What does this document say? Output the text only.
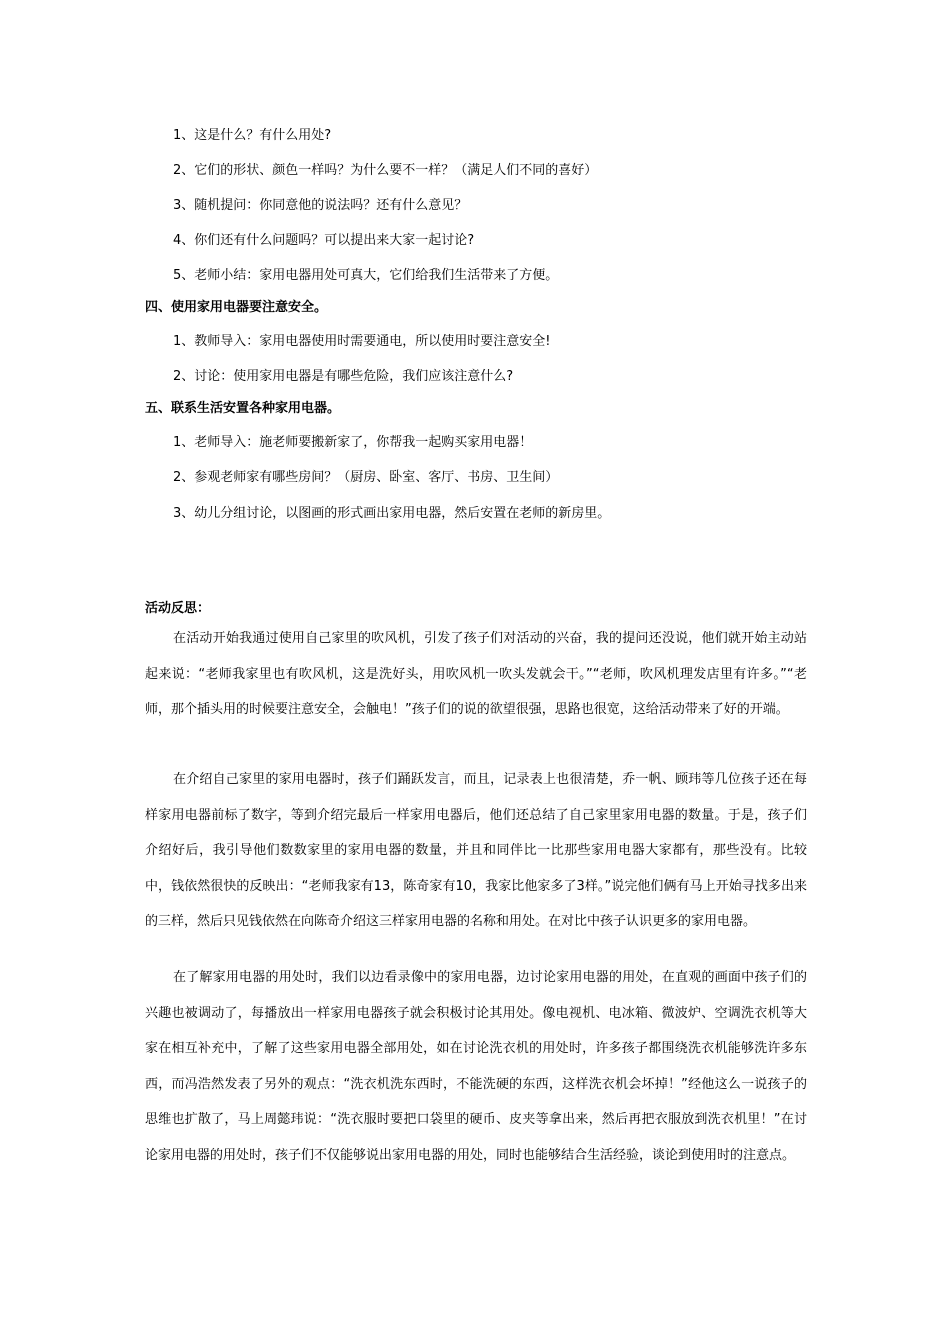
1、这是什么？有什么用处?
2、它们的形状、颜色一样吗？为什么要不一样？（满足人们不同的喜好）
3、随机提问：你同意他的说法吗？还有什么意见？
4、你们还有什么问题吗？可以提出来大家一起讨论?
5、老师小结：家用电器用处可真大，它们给我们生活带来了方便。
四、使用家用电器要注意安全。
1、教师导入：家用电器使用时需要通电，所以使用时要注意安全!
2、讨论：使用家用电器是有哪些危险，我们应该注意什么?
五、联系生活安置各种家用电器。
1、老师导入：施老师要搬新家了，你帮我一起购买家用电器！
2、参观老师家有哪些房间？（厨房、卧室、客厅、书房、卫生间）
3、幼儿分组讨论，以图画的形式画出家用电器，然后安置在老师的新房里。
活动反思：

在活动开始我通过使用自己家里的吹风机，引发了孩子们对活动的兴奋，我的提问还没说，他们就开始主动站起来说：“老师我家里也有吹风机，这是洗好头，用吹风机一吹头发就会干。”“老师，吹风机理发店里有许多。”“老师，那个插头用的时候要注意安全，会触电！”孩子们的说的欲望很强，思路也很宽，这给活动带来了好的开端。

在介绍自己家里的家用电器时，孩子们踊跃发言，而且，记录表上也很清楚，乔一帆、顾玮等几位孩子还在每样家用电器前标了数字，等到介绍完最后一样家用电器后，他们还总结了自己家里家用电器的数量。于是，孩子们介绍好后，我引导他们数数家里的家用电器的数量，并且和同伴比一比那些家用电器大家都有，那些没有。比较中，钱依然很快的反映出：“老师我家有13，陈奇家有10，我家比他家多了3样。”说完他们俩有马上开始寻找多出来的三样，然后只见钱依然在向陈奇介绍这三样家用电器的名称和用处。在对比中孩子认识更多的家用电器。

在了解家用电器的用处时，我们以边看录像中的家用电器，边讨论家用电器的用处，在直观的画面中孩子们的兴趣也被调动了，每播放出一样家用电器孩子就会积极讨论其用处。像电视机、电冰箱、微波炉、空调洗衣机等大家在相互补充中，了解了这些家用电器全部用处，如在讨论洗衣机的用处时，许多孩子都围绕洗衣机能够洗许多东西，而冯浩然发表了另外的观点：“洗衣机洗东西时，不能洗硬的东西，这样洗衣机会坏掉！”经他这么一说孩子的思维也扩散了，马上周懿玮说：“洗衣服时要把口袋里的硬币、皮夹等拿出来，然后再把衣服放到洗衣机里！”在讨论家用电器的用处时，孩子们不仅能够说出家用电器的用处，同时也能够结合生活经验，谈论到使用时的注意点。
